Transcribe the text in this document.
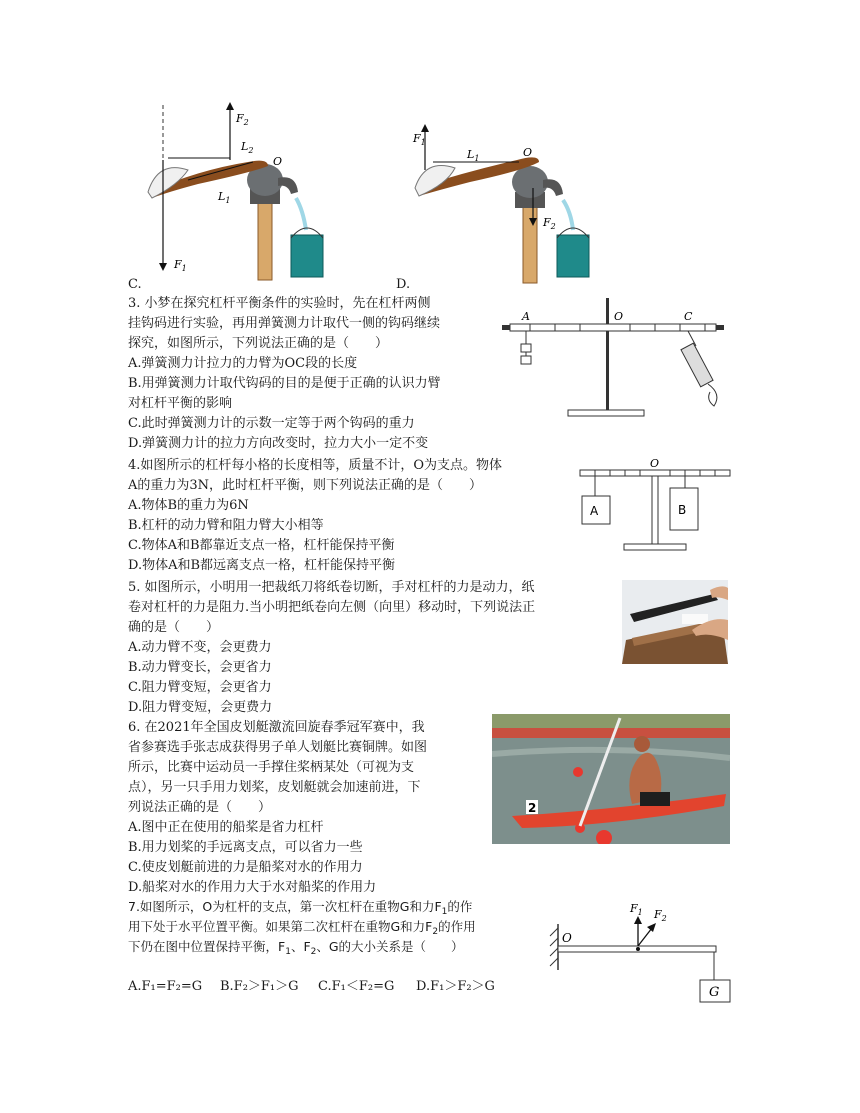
$F_2$
$L_2$
O
$L_1$
$F_1$
C.
$F_1$
$L_1$	O
$F_2$
D.
3. 小梦在探究杠杆平衡条件的实验时，先在杠杆两侧
挂钩码进行实验，再用弹簧测力计取代一侧的钩码继续
探究，如图所示，下列说法正确的是（　　）
A.弹簧测力计拉力的力臂为OC段的长度
B.用弹簧测力计取代钩码的目的是便于正确的认识力臂
对杠杆平衡的影响
C.此时弹簧测力计的示数一定等于两个钩码的重力
D.弹簧测力计的拉力方向改变时，拉力大小一定不变
A	O	C
4.如图所示的杠杆每小格的长度相等，质量不计，O为支点。物体
A的重力为3N，此时杠杆平衡，则下列说法正确的是（　　）
A.物体B的重力为6N
B.杠杆的动力臂和阻力臂大小相等
C.物体A和B都靠近支点一格，杠杆能保持平衡
D.物体A和B都远离支点一格，杠杆能保持平衡
O
A	B
5. 如图所示，小明用一把裁纸刀将纸卷切断，手对杠杆的力是动力，纸
卷对杠杆的力是阻力.当小明把纸卷向左侧（向里）移动时，下列说法正
确的是（　　）
A.动力臂不变，会更费力
B.动力臂变长，会更省力
C.阻力臂变短，会更省力
D.阻力臂变短，会更费力
6. 在2021年全国皮划艇激流回旋春季冠军赛中，我
省参赛选手张志成获得男子单人划艇比赛铜牌。如图
所示，比赛中运动员一手撑住桨柄某处（可视为支
点），另一只手用力划桨，皮划艇就会加速前进，下
列说法正确的是（　　）
A.图中正在使用的船桨是省力杠杆
B.用力划桨的手远离支点，可以省力一些
C.使皮划艇前进的力是船桨对水的作用力
D.船桨对水的作用力大于水对船桨的作用力
2
7.如图所示，O为杠杆的支点，第一次杠杆在重物G和力$F_1$的作
用下处于水平位置平衡。如果第二次杠杆在重物G和力$F_2$的作用
下仍在图中位置保持平衡，$F_1$、$F_2$、G的大小关系是（　　）
A.F₁=F₂=G B.F₂＞F₁＞G C.F₁＜F₂=G D.F₁＞F₂＞G
O
$F_1$ $F_2$
G
